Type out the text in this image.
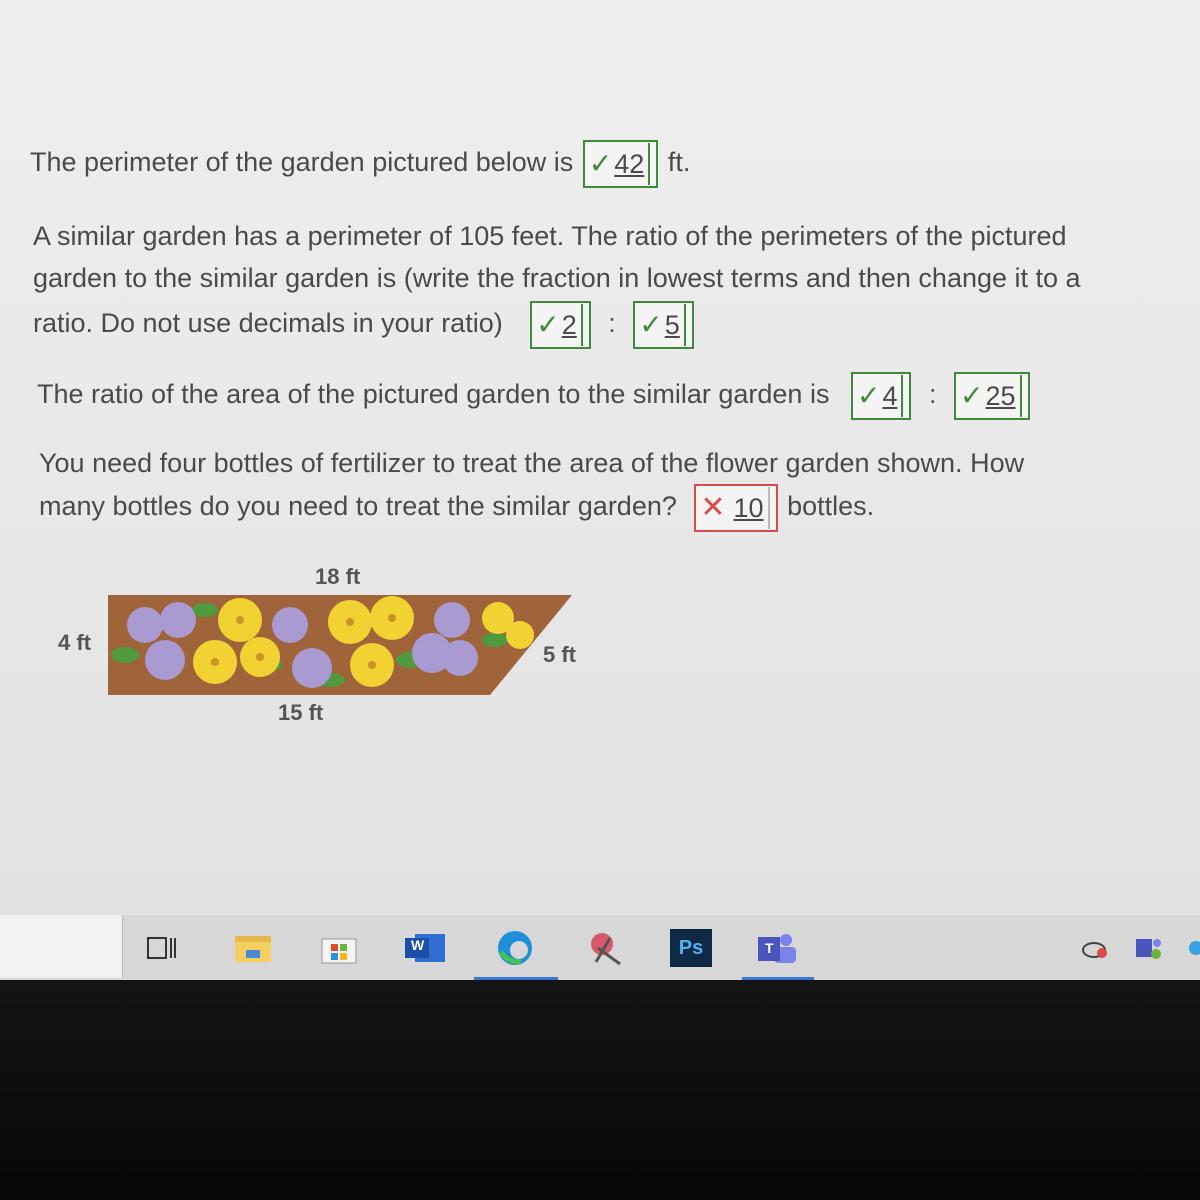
The perimeter of the garden pictured below is ✓ 42 ft.
A similar garden has a perimeter of 105 feet. The ratio of the perimeters of the pictured
garden to the similar garden is (write the fraction in lowest terms and then change it to a
ratio. Do not use decimals in your ratio) ✓ 2 : ✓ 5
The ratio of the area of the pictured garden to the similar garden is ✓ 4 : ✓ 25
You need four bottles of fertilizer to treat the area of the flower garden shown. How
many bottles do you need to treat the similar garden? ✕ 10 bottles.
18 ft
4 ft	5 ft
15 ft
W	Ps	T
